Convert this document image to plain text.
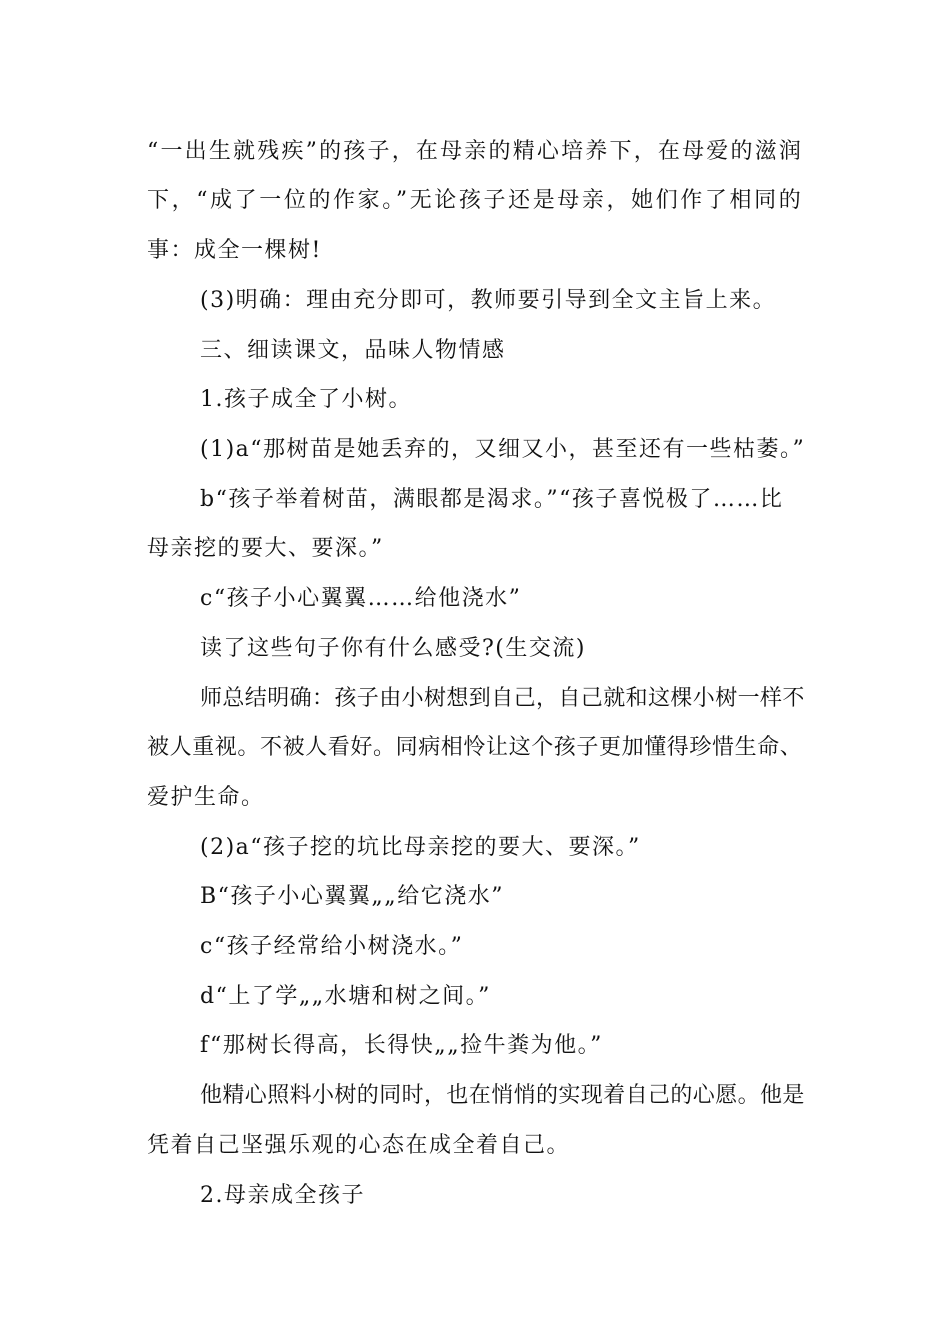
“一出生就残疾”的孩子，在母亲的精心培养下，在母爱的滋润
下，“成了一位的作家。”无论孩子还是母亲，她们作了相同的
事：成全一棵树!
(3)明确：理由充分即可，教师要引导到全文主旨上来。
三、细读课文，品味人物情感
1.孩子成全了小树。
(1)a“那树苗是她丢弃的，又细又小，甚至还有一些枯萎。”
b“孩子举着树苗，满眼都是渴求。”“孩子喜悦极了……比
母亲挖的要大、要深。”
c“孩子小心翼翼……给他浇水”
读了这些句子你有什么感受?(生交流)
师总结明确：孩子由小树想到自己，自己就和这棵小树一样不
被人重视。不被人看好。同病相怜让这个孩子更加懂得珍惜生命、
爱护生命。
(2)a“孩子挖的坑比母亲挖的要大、要深。”
B“孩子小心翼翼„„给它浇水”
c“孩子经常给小树浇水。”
d“上了学„„水塘和树之间。”
f“那树长得高，长得快„„捡牛粪为他。”
他精心照料小树的同时，也在悄悄的实现着自己的心愿。他是
凭着自己坚强乐观的心态在成全着自己。
2.母亲成全孩子
